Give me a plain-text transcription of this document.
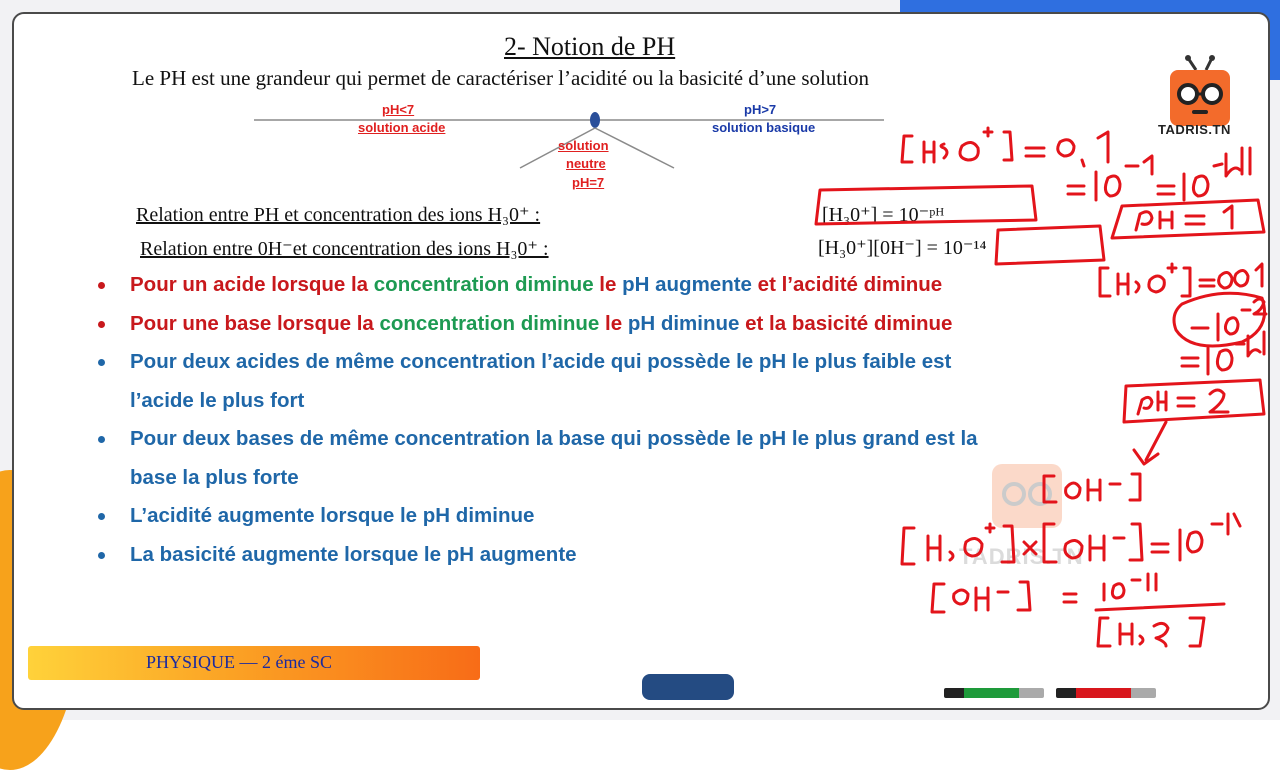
2- Notion de PH
Le PH est une grandeur qui permet de caractériser l’acidité ou la basicité d’une solution
pH<7
solution acide
pH>7
solution basique
solution
neutre
pH=7
Relation entre PH et concentration des ions H₃0⁺ :	[H₃0⁺] = 10⁻ᵖᴴ
Relation entre 0H⁻et concentration des ions H₃0⁺ :	[H₃0⁺][0H⁻] = 10⁻¹⁴
Pour un acide lorsque la concentration diminue le pH augmente et l’acidité diminue
Pour une base lorsque la concentration diminue le pH diminue et la basicité diminue
Pour deux acides de même concentration l’acide qui possède le pH le plus faible est
l’acide le plus fort
Pour deux bases de même concentration la base qui possède le pH le plus grand est la
base la plus forte
L’acidité augmente lorsque le pH diminue
La basicité augmente lorsque le pH augmente	TADRIS.TN
TADRIS.TN
PHYSIQUE — 2 éme SC
